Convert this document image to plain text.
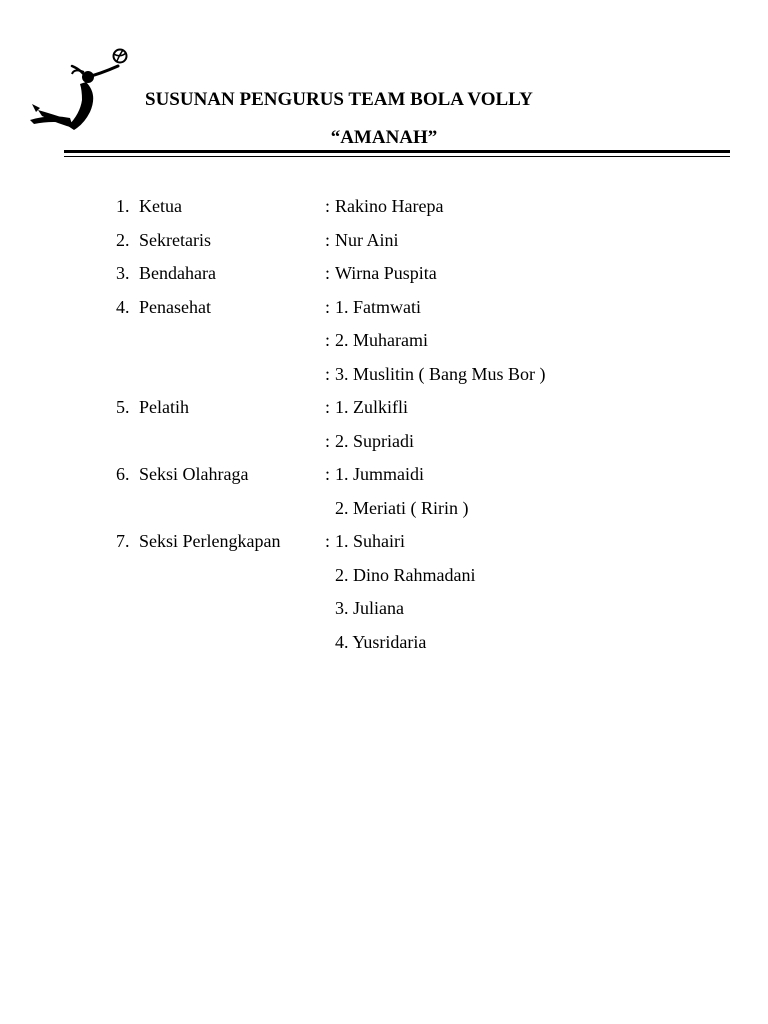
SUSUNAN PENGURUS TEAM BOLA VOLLY
“AMANAH”
1. Ketua	: Rakino Harepa
2. Sekretaris	: Nur Aini
3. Bendahara	: Wirna Puspita
4. Penasehat	: 1. Fatmwati
: 2. Muharami
: 3. Muslitin ( Bang Mus Bor )
5. Pelatih	: 1. Zulkifli
: 2. Supriadi
6. Seksi Olahraga	: 1. Jummaidi
2. Meriati ( Ririn )
7. Seksi Perlengkapan : 1. Suhairi
2. Dino Rahmadani
3. Juliana
4. Yusridaria
